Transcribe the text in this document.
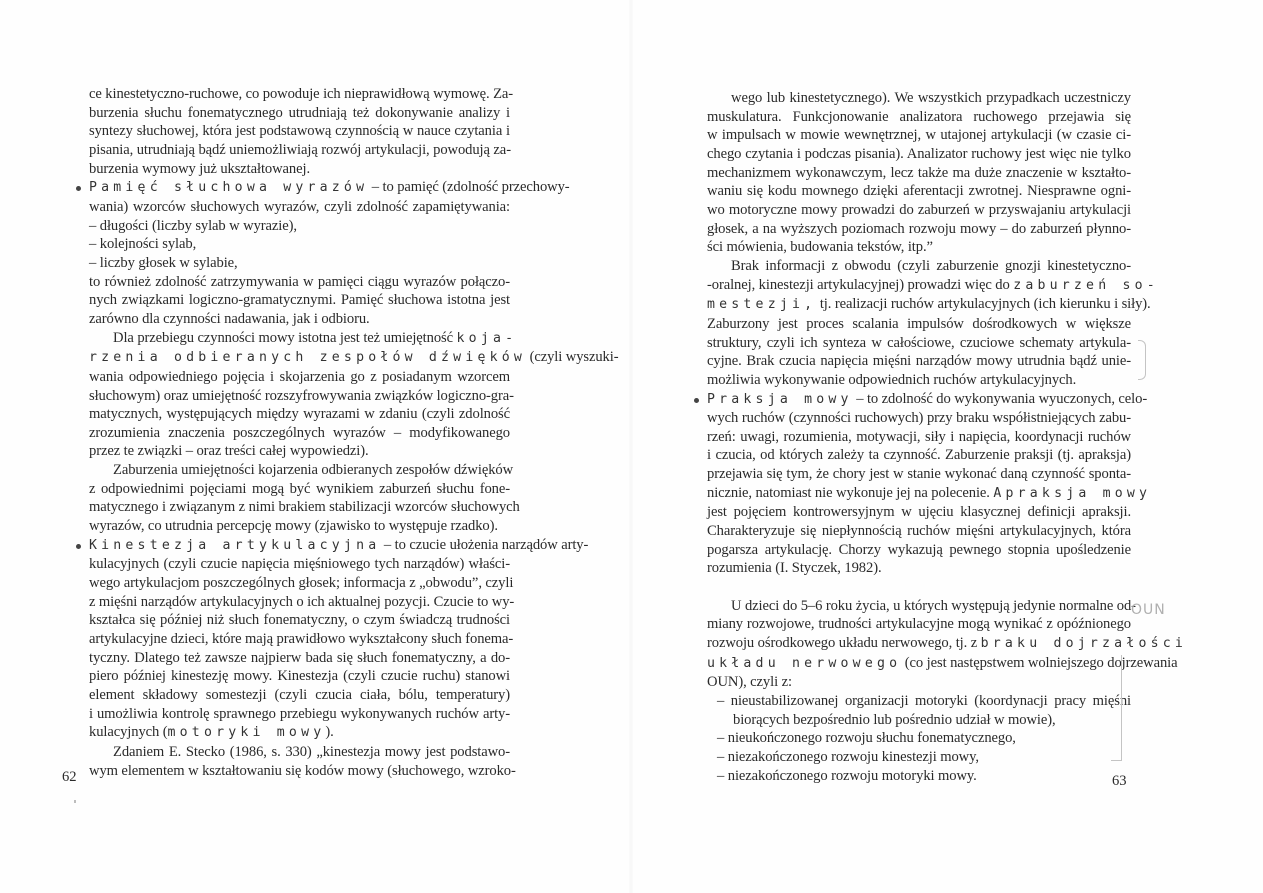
ce kinestetyczno-ruchowe, co powoduje ich nieprawidłową wymowę. Za-
burzenia słuchu fonematycznego utrudniają też dokonywanie analizy i
syntezy słuchowej, która jest podstawową czynnością w nauce czytania i
pisania, utrudniają bądź uniemożliwiają rozwój artykulacji, powodują za-
burzenia wymowy już ukształtowanej.
Pamięć słuchowa wyrazów – to pamięć (zdolność przechowy-
wania) wzorców słuchowych wyrazów, czyli zdolność zapamiętywania:
– długości (liczby sylab w wyrazie),
– kolejności sylab,
– liczby głosek w sylabie,
to również zdolność zatrzymywania w pamięci ciągu wyrazów połączo-
nych związkami logiczno-gramatycznymi. Pamięć słuchowa istotna jest
zarówno dla czynności nadawania, jak i odbioru.
Dla przebiegu czynności mowy istotna jest też umiejętność koja-
rzenia odbieranych zespołów dźwięków (czyli wyszuki-
wania odpowiedniego pojęcia i skojarzenia go z posiadanym wzorcem
słuchowym) oraz umiejętność rozszyfrowywania związków logiczno-gra-
matycznych, występujących między wyrazami w zdaniu (czyli zdolność
zrozumienia znaczenia poszczególnych wyrazów – modyfikowanego
przez te związki – oraz treści całej wypowiedzi).
Zaburzenia umiejętności kojarzenia odbieranych zespołów dźwięków
z odpowiednimi pojęciami mogą być wynikiem zaburzeń słuchu fone-
matycznego i związanym z nimi brakiem stabilizacji wzorców słuchowych
wyrazów, co utrudnia percepcję mowy (zjawisko to występuje rzadko).
Kinestezja artykulacyjna – to czucie ułożenia narządów arty-
kulacyjnych (czyli czucie napięcia mięśniowego tych narządów) właści-
wego artykulacjom poszczególnych głosek; informacja z „obwodu”, czyli
z mięśni narządów artykulacyjnych o ich aktualnej pozycji. Czucie to wy-
kształca się później niż słuch fonematyczny, o czym świadczą trudności
artykulacyjne dzieci, które mają prawidłowo wykształcony słuch fonema-
tyczny. Dlatego też zawsze najpierw bada się słuch fonematyczny, a do-
piero później kinestezję mowy. Kinestezja (czyli czucie ruchu) stanowi
element składowy somestezji (czyli czucia ciała, bólu, temperatury)
i umożliwia kontrolę sprawnego przebiegu wykonywanych ruchów arty-
kulacyjnych (motoryki mowy).
Zdaniem E. Stecko (1986, s. 330) „kinestezja mowy jest podstawo-
wym elementem w kształtowaniu się kodów mowy (słuchowego, wzroko-
62
wego lub kinestetycznego). We wszystkich przypadkach uczestniczy
muskulatura. Funkcjonowanie analizatora ruchowego przejawia się
w impulsach w mowie wewnętrznej, w utajonej artykulacji (w czasie ci-
chego czytania i podczas pisania). Analizator ruchowy jest więc nie tylko
mechanizmem wykonawczym, lecz także ma duże znaczenie w kształto-
waniu się kodu mownego dzięki aferentacji zwrotnej. Niesprawne ogni-
wo motoryczne mowy prowadzi do zaburzeń w przyswajaniu artykulacji
głosek, a na wyższych poziomach rozwoju mowy – do zaburzeń płynno-
ści mówienia, budowania tekstów, itp.”
Brak informacji z obwodu (czyli zaburzenie gnozji kinestetyczno-
-oralnej, kinestezji artykulacyjnej) prowadzi więc do zaburzeń so-
mestezji, tj. realizacji ruchów artykulacyjnych (ich kierunku i siły).
Zaburzony jest proces scalania impulsów dośrodkowych w większe
struktury, czyli ich synteza w całościowe, czuciowe schematy artykula-
cyjne. Brak czucia napięcia mięśni narządów mowy utrudnia bądź unie-
możliwia wykonywanie odpowiednich ruchów artykulacyjnych.
Praksja mowy – to zdolność do wykonywania wyuczonych, celo-
wych ruchów (czynności ruchowych) przy braku współistniejących zabu-
rzeń: uwagi, rozumienia, motywacji, siły i napięcia, koordynacji ruchów
i czucia, od których zależy ta czynność. Zaburzenie praksji (tj. apraksja)
przejawia się tym, że chory jest w stanie wykonać daną czynność sponta-
nicznie, natomiast nie wykonuje jej na polecenie. Apraksja mowy
jest pojęciem kontrowersyjnym w ujęciu klasycznej definicji apraksji.
Charakteryzuje się niepłynnością ruchów mięśni artykulacyjnych, która
pogarsza artykulację. Chorzy wykazują pewnego stopnia upośledzenie
rozumienia (I. Styczek, 1982).

U dzieci do 5–6 roku życia, u których występują jedynie normalne od-
miany rozwojowe, trudności artykulacyjne mogą wynikać z opóźnionego
rozwoju ośrodkowego układu nerwowego, tj. z braku dojrzałości
układu nerwowego (co jest następstwem wolniejszego dojrzewania
OUN), czyli z:
– nieustabilizowanej organizacji motoryki (koordynacji pracy mięśni
biorących bezpośrednio lub pośrednio udział w mowie),
– nieukończonego rozwoju słuchu fonematycznego,
– niezakończonego rozwoju kinestezji mowy,
– niezakończonego rozwoju motoryki mowy.
OUN
63
